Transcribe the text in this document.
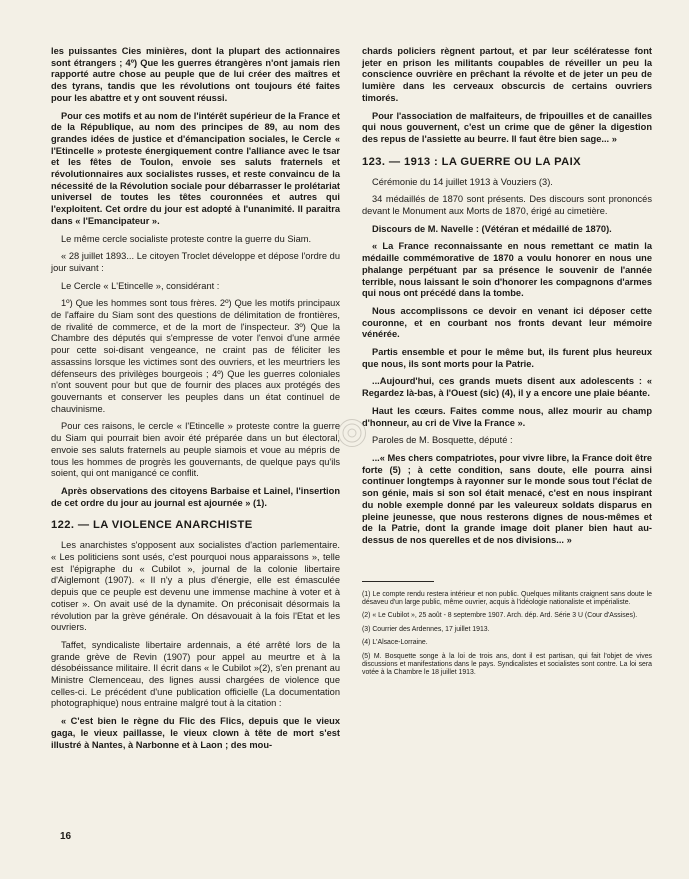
les puissantes Cies minières, dont la plupart des actionnaires sont étrangers ; 4º) Que les guerres étrangères n'ont jamais rien rapporté autre chose au peuple que de lui créer des maîtres et des tyrans, tandis que les révolutions ont toujours été faites pour les abattre et y ont souvent réussi.

Pour ces motifs et au nom de l'intérêt supérieur de la France et de la République, au nom des principes de 89, au nom des grandes idées de justice et d'émancipation sociales, le Cercle « l'Etincelle » proteste énergiquement contre l'alliance avec le tsar et les fêtes de Toulon, envoie ses saluts fraternels et révolutionnaires aux socialistes russes, et reste convaincu de la nécessité de la Révolution sociale pour débarrasser le prolétariat universel de toutes les têtes couronnées et autres qui l'exploitent. Cet ordre du jour est adopté à l'unanimité. Il paraitra dans « l'Emancipateur ».

Le même cercle socialiste proteste contre la guerre du Siam.

« 28 juillet 1893... Le citoyen Troclet développe et dépose l'ordre du jour suivant :

Le Cercle « L'Etincelle », considérant :

1º) Que les hommes sont tous frères. 2º) Que les motifs principaux de l'affaire du Siam sont des questions de délimitation de frontières, de rivalité de commerce, et de la mort de l'inspecteur. 3º) Que la Chambre des députés qui s'empresse de voter l'envoi d'une armée pour cette soi-disant vengeance, ne craint pas de féliciter les assassins lorsque les victimes sont des ouvriers, et les meurtriers les défenseurs des privilèges bourgeois ; 4º) Que les guerres coloniales n'ont souvent pour but que de fournir des places aux protégés des gouvernants et conserver les peuples dans un état continuel de chauvinisme.

Pour ces raisons, le cercle « l'Etincelle » proteste contre la guerre du Siam qui pourrait bien avoir été préparée dans un but électoral, envoie ses saluts fraternels au peuple siamois et voue au mépris de tous les hommes de progrès les gouvernants, de quelque pays qu'ils soient, qui ont manigancé ce conflit.

Après observations des citoyens Barbaise et Lainel, l'insertion de cet ordre du jour au journal est ajournée » (1).

122. — LA VIOLENCE ANARCHISTE

Les anarchistes s'opposent aux socialistes d'action parlementaire. « Les politiciens sont usés, c'est pourquoi nous apparaissons », telle est l'épigraphe du « Cubilot », journal de la colonie libertaire d'Aiglemont (1907). « Il n'y a plus d'énergie, elle est émasculée depuis que ce peuple est devenu une immense machine à voter et à cotiser ». On avait usé de la dynamite. On préconisait désormais la révolution par la grève générale. On désavouait à la fois l'Etat et les ouvriers.

Taffet, syndicaliste libertaire ardennais, a été arrêté lors de la grande grève de Revin (1907) pour appel au meurtre et à la désobéissance militaire. Il écrit dans « le Cubilot »(2), s'en prenant au Ministre Clemenceau, des lignes aussi chargées de violence que celles-ci. Le précédent d'une publication officielle (La documentation photographique) nous entraine malgré tout à la citation :

« C'est bien le règne du Flic des Flics, depuis que le vieux gaga, le vieux paillasse, le vieux clown à tête de mort s'est illustré à Nantes, à Narbonne et à Laon ; des mou-

chards policiers règnent partout, et par leur scélératesse font jeter en prison les militants coupables de réveiller un peu la conscience ouvrière en prêchant la révolte et de jeter un peu de lumière dans les cerveaux obscurcis de certains ouvriers timorés.

Pour l'association de malfaiteurs, de fripouilles et de canailles qui nous gouvernent, c'est un crime que de gêner la digestion des repus de l'assiette au beurre. Il faut être bien sage... »

123. — 1913 : LA GUERRE OU LA PAIX

Cérémonie du 14 juillet 1913 à Vouziers (3).

34 médaillés de 1870 sont présents. Des discours sont prononcés devant le Monument aux Morts de 1870, érigé au cimetière.

Discours de M. Navelle : (Vétéran et médaillé de 1870).

« La France reconnaissante en nous remettant ce matin la médaille commémorative de 1870 a voulu honorer en nous une phalange perpétuant par sa présence le souvenir de l'année terrible, nous laissant le soin d'honorer les compagnons d'armes qui nous ont précédé dans la tombe.

Nous accomplissons ce devoir en venant ici déposer cette couronne, et en courbant nos fronts devant leur mémoire vénérée.

Partis ensemble et pour le même but, ils furent plus heureux que nous, ils sont morts pour la Patrie.

...Aujourd'hui, ces grands muets disent aux adolescents : « Regardez là-bas, à l'Ouest (sic) (4), il y a encore une plaie béante.

Haut les cœurs. Faites comme nous, allez mourir au champ d'honneur, au cri de Vive la France ».

Paroles de M. Bosquette, député :

...« Mes chers compatriotes, pour vivre libre, la France doit être forte (5) ; à cette condition, sans doute, elle pourra ainsi continuer longtemps à rayonner sur le monde sous tout l'éclat de son génie, mais si son sol était menacé, c'est en nous inspirant du noble exemple donné par les valeureux soldats disparus en pleine jeunesse, que nous resterons dignes de nous-mêmes et de la Patrie, dont la grande image doit planer bien haut au-dessus de nos querelles et de nos divisions... »

(1) Le compte rendu restera intérieur et non public. Quelques militants craignent sans doute le désaveu d'un large public, même ouvrier, acquis à l'idéologie nationaliste et impérialiste.

(2) « Le Cubilot », 25 août - 8 septembre 1907. Arch. dép. Ard. Série 3 U (Cour d'Assises).

(3) Courrier des Ardennes, 17 juillet 1913.

(4) L'Alsace-Lorraine.

(5) M. Bosquette songe à la loi de trois ans, dont il est partisan, qui fait l'objet de vives discussions et manifestations dans le pays. Syndicalistes et socialistes sont contre. La loi sera votée à la Chambre le 18 juillet 1913.

16
